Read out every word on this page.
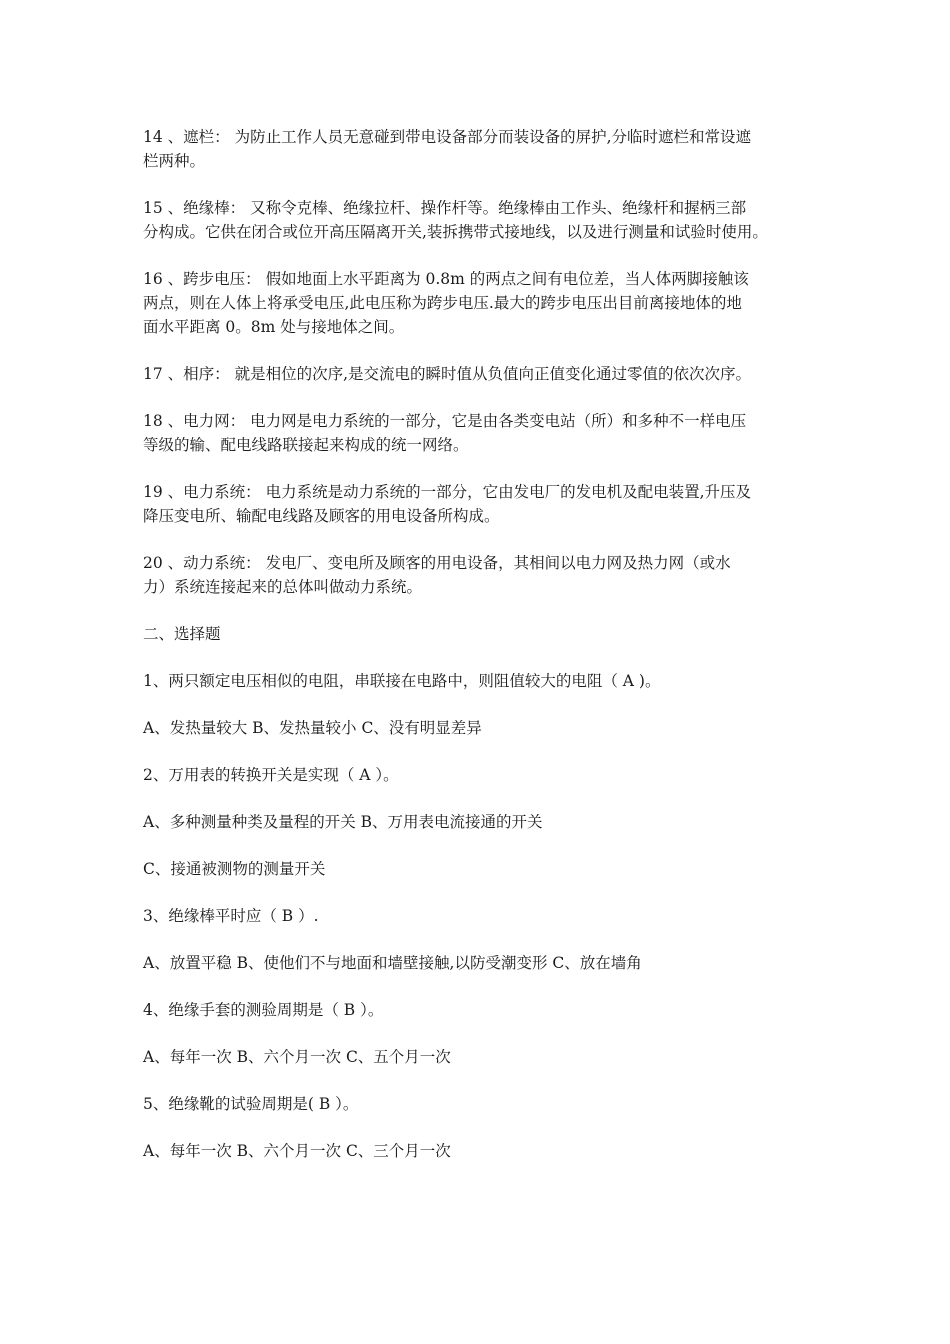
14 、遮栏： 为防止工作人员无意碰到带电设备部分而装设备的屏护,分临时遮栏和常设遮
栏两种。

15 、绝缘棒： 又称令克棒、绝缘拉杆、操作杆等。绝缘棒由工作头、绝缘杆和握柄三部
分构成。它供在闭合或位开高压隔离开关,装拆携带式接地线，以及进行测量和试验时使用。

16 、跨步电压： 假如地面上水平距离为 0.8m 的两点之间有电位差，当人体两脚接触该
两点，则在人体上将承受电压,此电压称为跨步电压.最大的跨步电压出目前离接地体的地
面水平距离 0。8m 处与接地体之间。

17 、相序： 就是相位的次序,是交流电的瞬时值从负值向正值变化通过零值的依次次序。

18 、电力网： 电力网是电力系统的一部分，它是由各类变电站（所）和多种不一样电压
等级的输、配电线路联接起来构成的统一网络。

19 、电力系统： 电力系统是动力系统的一部分，它由发电厂的发电机及配电装置,升压及
降压变电所、输配电线路及顾客的用电设备所构成。

20 、动力系统： 发电厂、变电所及顾客的用电设备，其相间以电力网及热力网（或水
力）系统连接起来的总体叫做动力系统。

二、选择题

1、两只额定电压相似的电阻，串联接在电路中，则阻值较大的电阻（ A )。

A、发热量较大 B、发热量较小 C、没有明显差异

2、万用表的转换开关是实现（ A ）。

A、多种测量种类及量程的开关 B、万用表电流接通的开关

C、接通被测物的测量开关

3、绝缘棒平时应（ B ）.

A、放置平稳 B、使他们不与地面和墙壁接触,以防受潮变形 C、放在墙角

4、绝缘手套的测验周期是（ B ）。

A、每年一次 B、六个月一次 C、五个月一次

5、绝缘靴的试验周期是( B ）。

A、每年一次 B、六个月一次 C、三个月一次
